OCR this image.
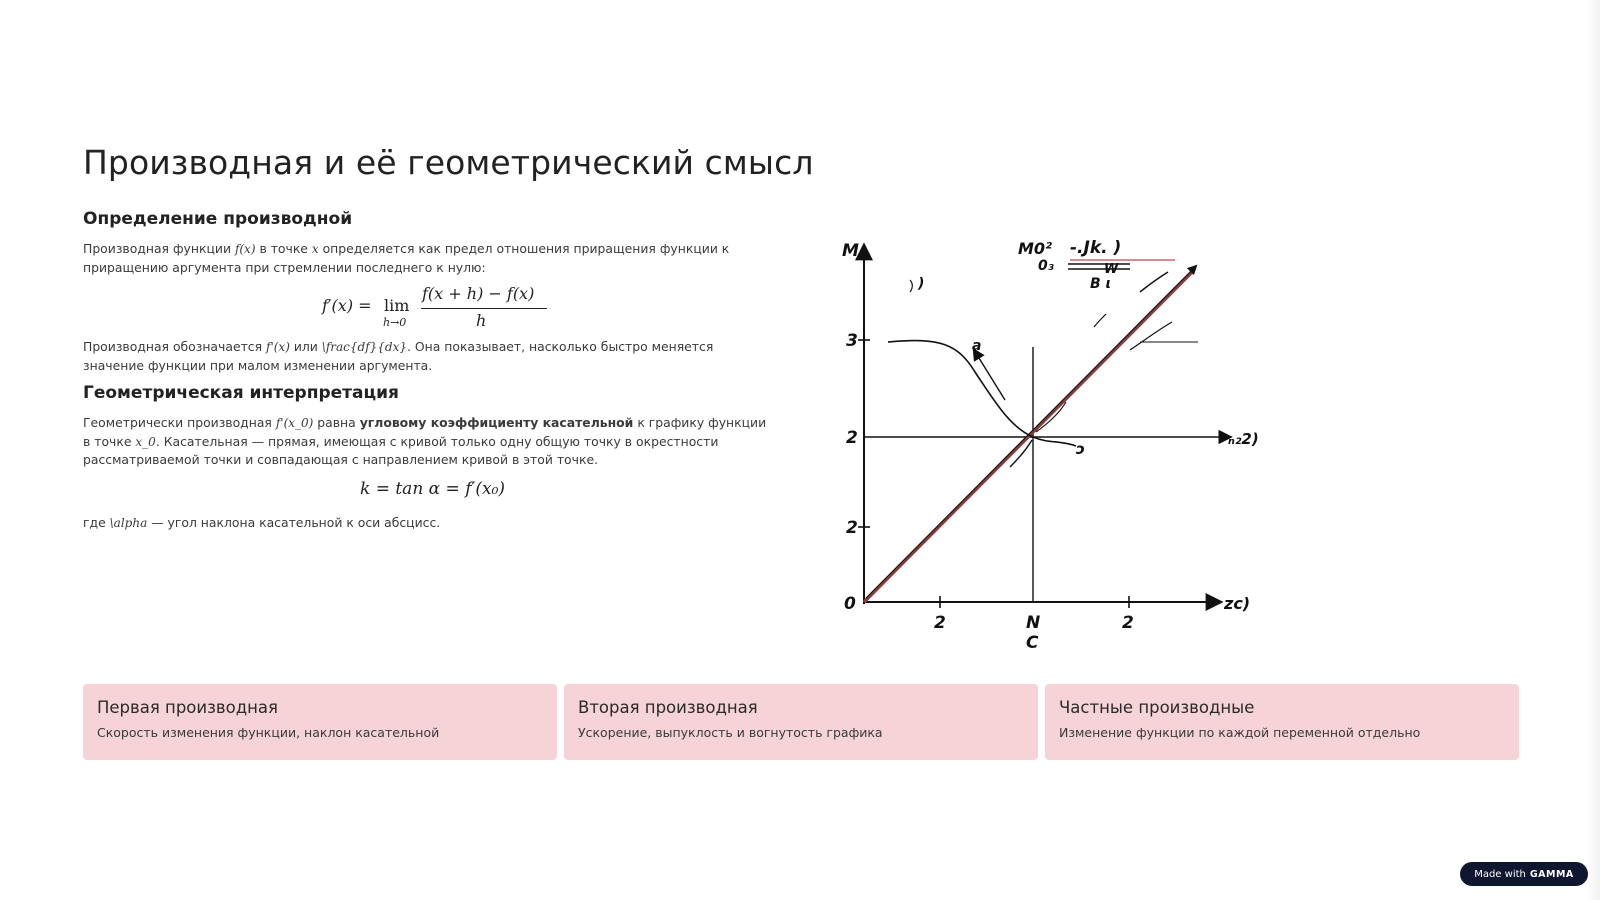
Производная и её геометрический смысл
Определение производной

Производная функции f(x) в точке x определяется как предел отношения приращения функции к приращению аргумента при стремлении последнего к нулю:

f′(x) = lim
h→0
f(x + h) − f(x)
h

Производная обозначается f'(x) или \frac{df}{dx}. Она показывает, насколько быстро меняется значение функции при малом изменении аргумента.

Геометрическая интерпретация

Геометрически производная f'(x_0) равна угловому коэффициенту касательной к графику функции в точке x_0. Касательная — прямая, имеющая с кривой только одну общую точку в окрестности рассматриваемой точки и совпадающая с направлением кривой в этой точке.

k = tan α = f′(x₀)

где \alpha — угол наклона касательной к оси абсцисс.

M	M0²
0₃
-.Jk. )
W
B ι
3
2
2
0
2	N	2
C
zc)
ₙ₂2)
a
)
ɔ
Первая производная
Скорость изменения функции, наклон касательной
Вторая производная
Ускорение, выпуклость и вогнутость графика
Частные производные
Изменение функции по каждой переменной отдельно
Made with GAMMA
